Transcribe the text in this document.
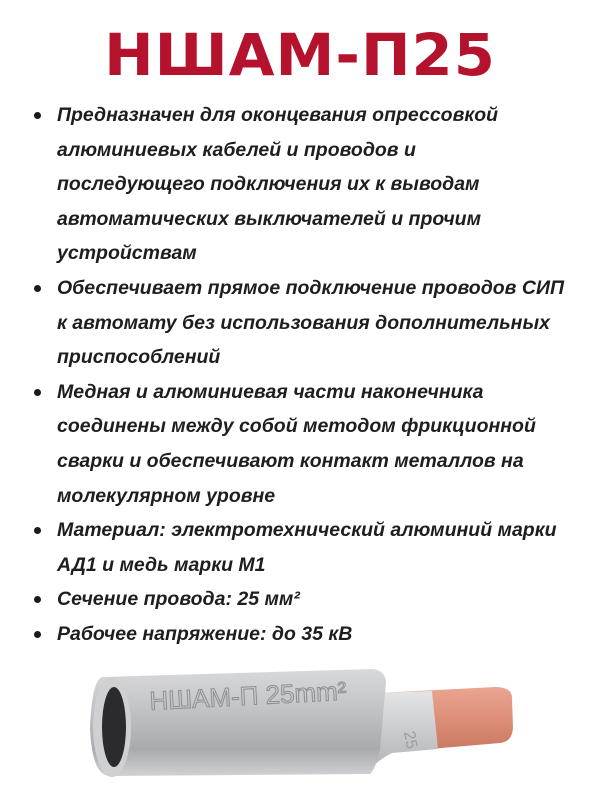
НШАМ-П25
Предназначен для оконцевания опрессовкой
алюминиевых кабелей и проводов и
последующего подключения их к выводам
автоматических выключателей и прочим
устройствам
Обеспечивает прямое подключение проводов СИП
к автомату без использования дополнительных
приспособлений
Медная и алюминиевая части наконечника
соединены между собой методом фрикционной
сварки и обеспечивают контакт металлов на
молекулярном уровне
Материал: электротехнический алюминий марки
АД1 и медь марки М1
Сечение провода: 25 мм²
Рабочее напряжение: до 35 кВ
25
НШАМ-П 25mm²
